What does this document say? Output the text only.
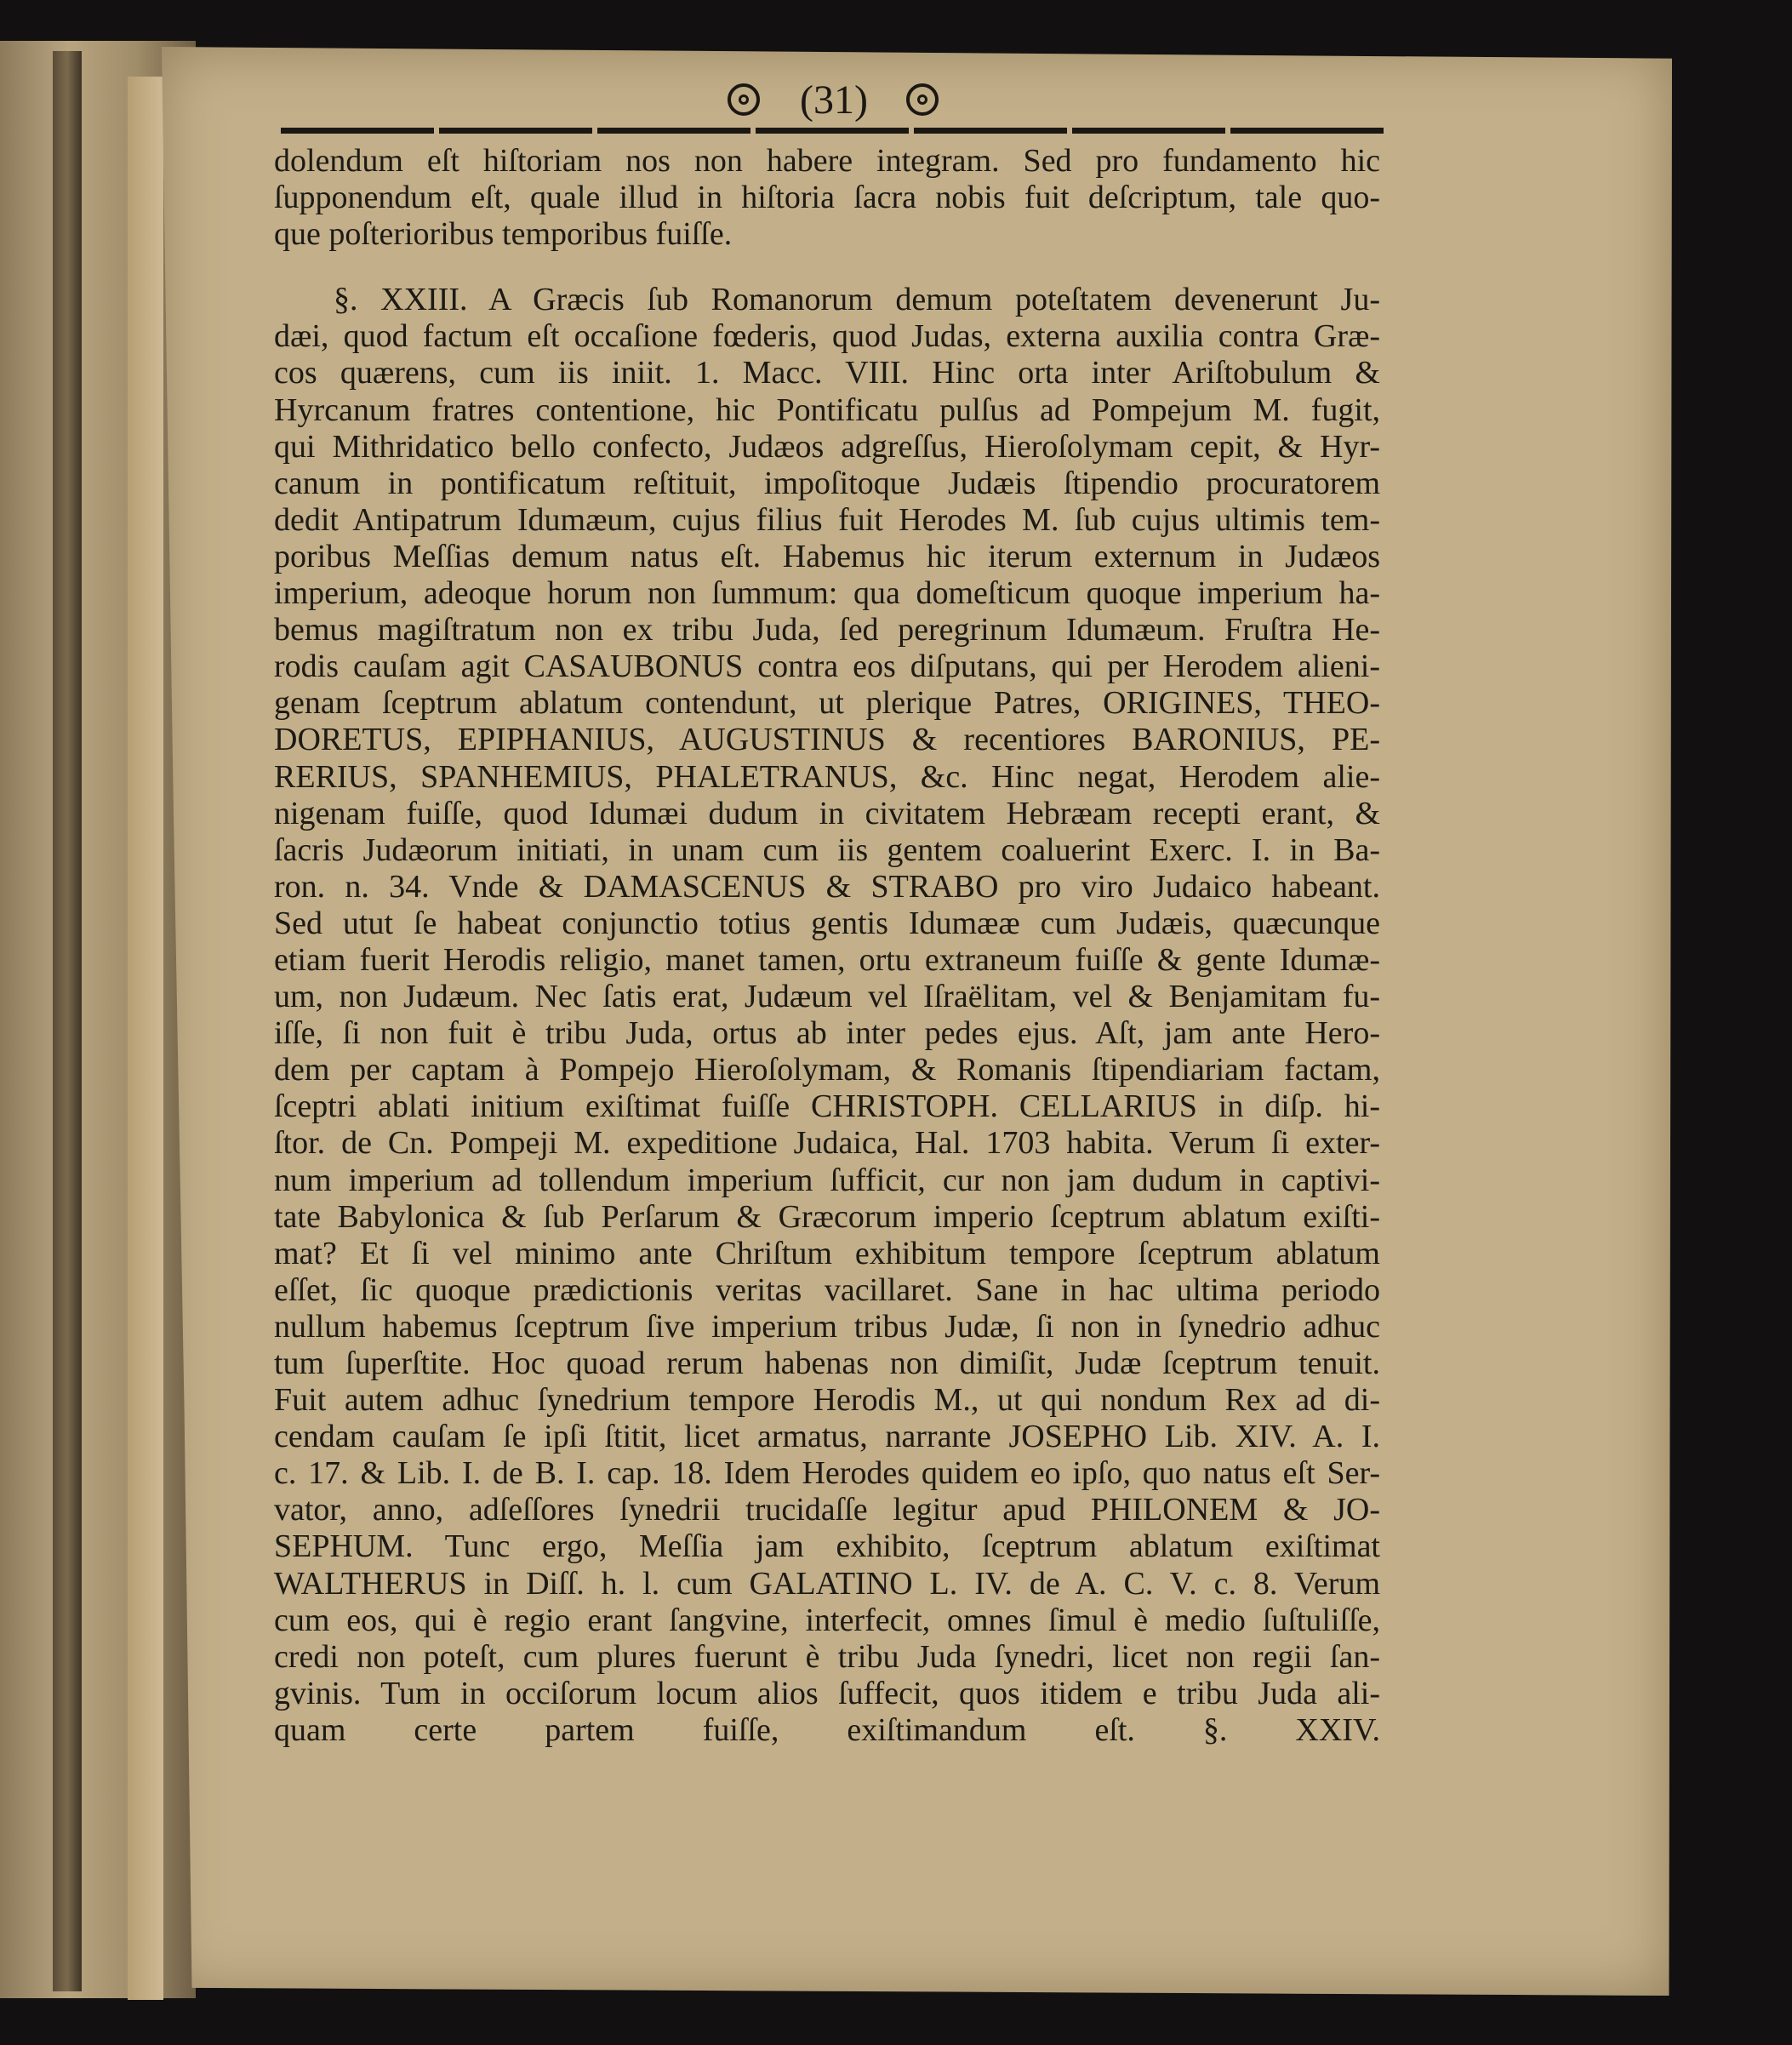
(31)
dolendum eſt hiſtoriam nos non habere integram. Sed pro fundamento hic
ſupponendum eſt, quale illud in hiſtoria ſacra nobis fuit deſcriptum, tale quo-
que poſterioribus temporibus fuiſſe.
§. XXIII. A Græcis ſub Romanorum demum poteſtatem devenerunt Ju-
dæi, quod factum eſt occaſione fœderis, quod Judas, externa auxilia contra Græ-
cos quærens, cum iis iniit. 1. Macc. VIII. Hinc orta inter Ariſtobulum &
Hyrcanum fratres contentione, hic Pontificatu pulſus ad Pompejum M. fugit,
qui Mithridatico bello confecto, Judæos adgreſſus, Hieroſolymam cepit, & Hyr-
canum in pontificatum reſtituit, impoſitoque Judæis ſtipendio procuratorem
dedit Antipatrum Idumæum, cujus filius fuit Herodes M. ſub cujus ultimis tem-
poribus Meſſias demum natus eſt. Habemus hic iterum externum in Judæos
imperium, adeoque horum non ſummum: qua domeſticum quoque imperium ha-
bemus magiſtratum non ex tribu Juda, ſed peregrinum Idumæum. Fruſtra He-
rodis cauſam agit CASAUBONUS contra eos diſputans, qui per Herodem alieni-
genam ſceptrum ablatum contendunt, ut plerique Patres, ORIGINES, THEO-
DORETUS, EPIPHANIUS, AUGUSTINUS & recentiores BARONIUS, PE-
RERIUS, SPANHEMIUS, PHALETRANUS, &c. Hinc negat, Herodem alie-
nigenam fuiſſe, quod Idumæi dudum in civitatem Hebræam recepti erant, &
ſacris Judæorum initiati, in unam cum iis gentem coaluerint Exerc. I. in Ba-
ron. n. 34. Vnde & DAMASCENUS & STRABO pro viro Judaico habeant.
Sed utut ſe habeat conjunctio totius gentis Idumææ cum Judæis, quæcunque
etiam fuerit Herodis religio, manet tamen, ortu extraneum fuiſſe & gente Idumæ-
um, non Judæum. Nec ſatis erat, Judæum vel Iſraëlitam, vel & Benjamitam fu-
iſſe, ſi non fuit è tribu Juda, ortus ab inter pedes ejus. Aſt, jam ante Hero-
dem per captam à Pompejo Hieroſolymam, & Romanis ſtipendiariam factam,
ſceptri ablati initium exiſtimat fuiſſe CHRISTOPH. CELLARIUS in diſp. hi-
ſtor. de Cn. Pompeji M. expeditione Judaica, Hal. 1703 habita. Verum ſi exter-
num imperium ad tollendum imperium ſufficit, cur non jam dudum in captivi-
tate Babylonica & ſub Perſarum & Græcorum imperio ſceptrum ablatum exiſti-
mat? Et ſi vel minimo ante Chriſtum exhibitum tempore ſceptrum ablatum
eſſet, ſic quoque prædictionis veritas vacillaret. Sane in hac ultima periodo
nullum habemus ſceptrum ſive imperium tribus Judæ, ſi non in ſynedrio adhuc
tum ſuperſtite. Hoc quoad rerum habenas non dimiſit, Judæ ſceptrum tenuit.
Fuit autem adhuc ſynedrium tempore Herodis M., ut qui nondum Rex ad di-
cendam cauſam ſe ipſi ſtitit, licet armatus, narrante JOSEPHO Lib. XIV. A. I.
c. 17. & Lib. I. de B. I. cap. 18. Idem Herodes quidem eo ipſo, quo natus eſt Ser-
vator, anno, adſeſſores ſynedrii trucidaſſe legitur apud PHILONEM & JO-
SEPHUM. Tunc ergo, Meſſia jam exhibito, ſceptrum ablatum exiſtimat
WALTHERUS in Diſſ. h. l. cum GALATINO L. IV. de A. C. V. c. 8. Verum
cum eos, qui è regio erant ſangvine, interfecit, omnes ſimul è medio ſuſtuliſſe,
credi non poteſt, cum plures fuerunt è tribu Juda ſynedri, licet non regii ſan-
gvinis. Tum in occiſorum locum alios ſuffecit, quos itidem e tribu Juda ali-
quam certe partem fuiſſe, exiſtimandum eſt. §. XXIV.
